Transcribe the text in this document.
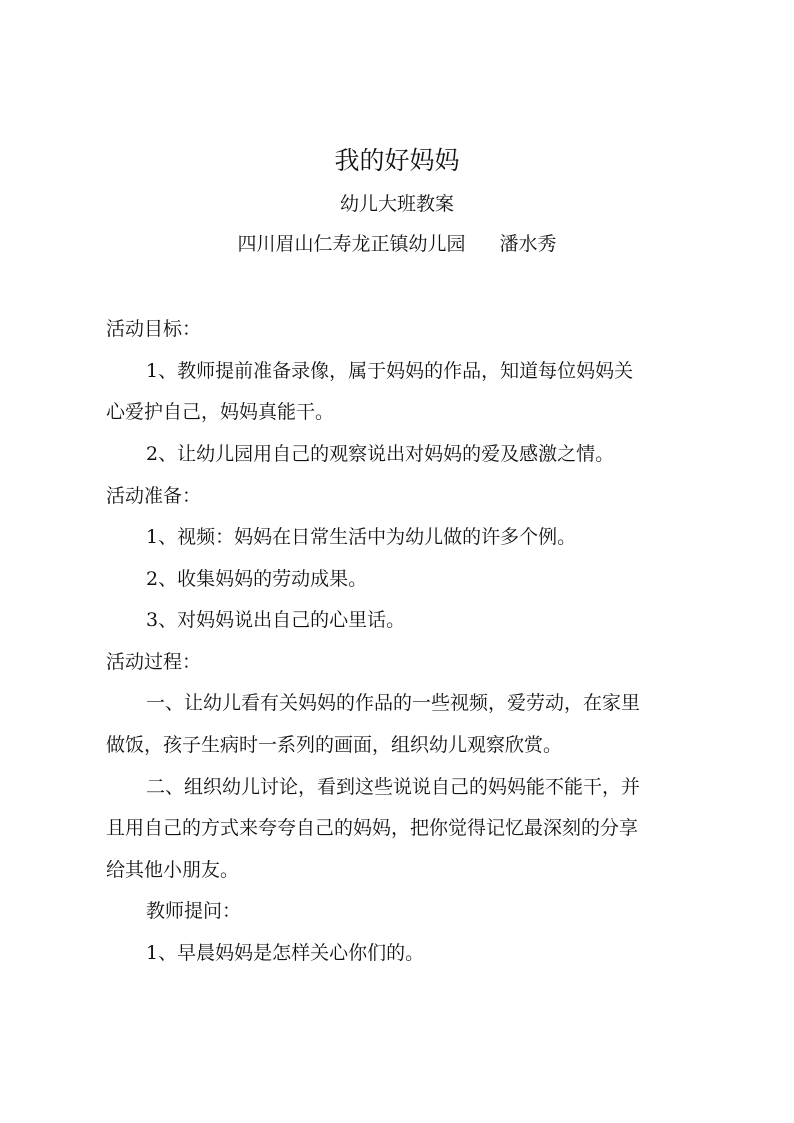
我的好妈妈
幼儿大班教案
四川眉山仁寿龙正镇幼儿园 潘水秀
活动目标：
1、教师提前准备录像，属于妈妈的作品，知道每位妈妈关
心爱护自己，妈妈真能干。
2、让幼儿园用自己的观察说出对妈妈的爱及感激之情。
活动准备：
1、视频：妈妈在日常生活中为幼儿做的许多个例。
2、收集妈妈的劳动成果。
3、对妈妈说出自己的心里话。
活动过程：
一、让幼儿看有关妈妈的作品的一些视频，爱劳动，在家里
做饭，孩子生病时一系列的画面，组织幼儿观察欣赏。
二、组织幼儿讨论，看到这些说说自己的妈妈能不能干，并
且用自己的方式来夸夸自己的妈妈，把你觉得记忆最深刻的分享
给其他小朋友。
教师提问：
1、早晨妈妈是怎样关心你们的。
